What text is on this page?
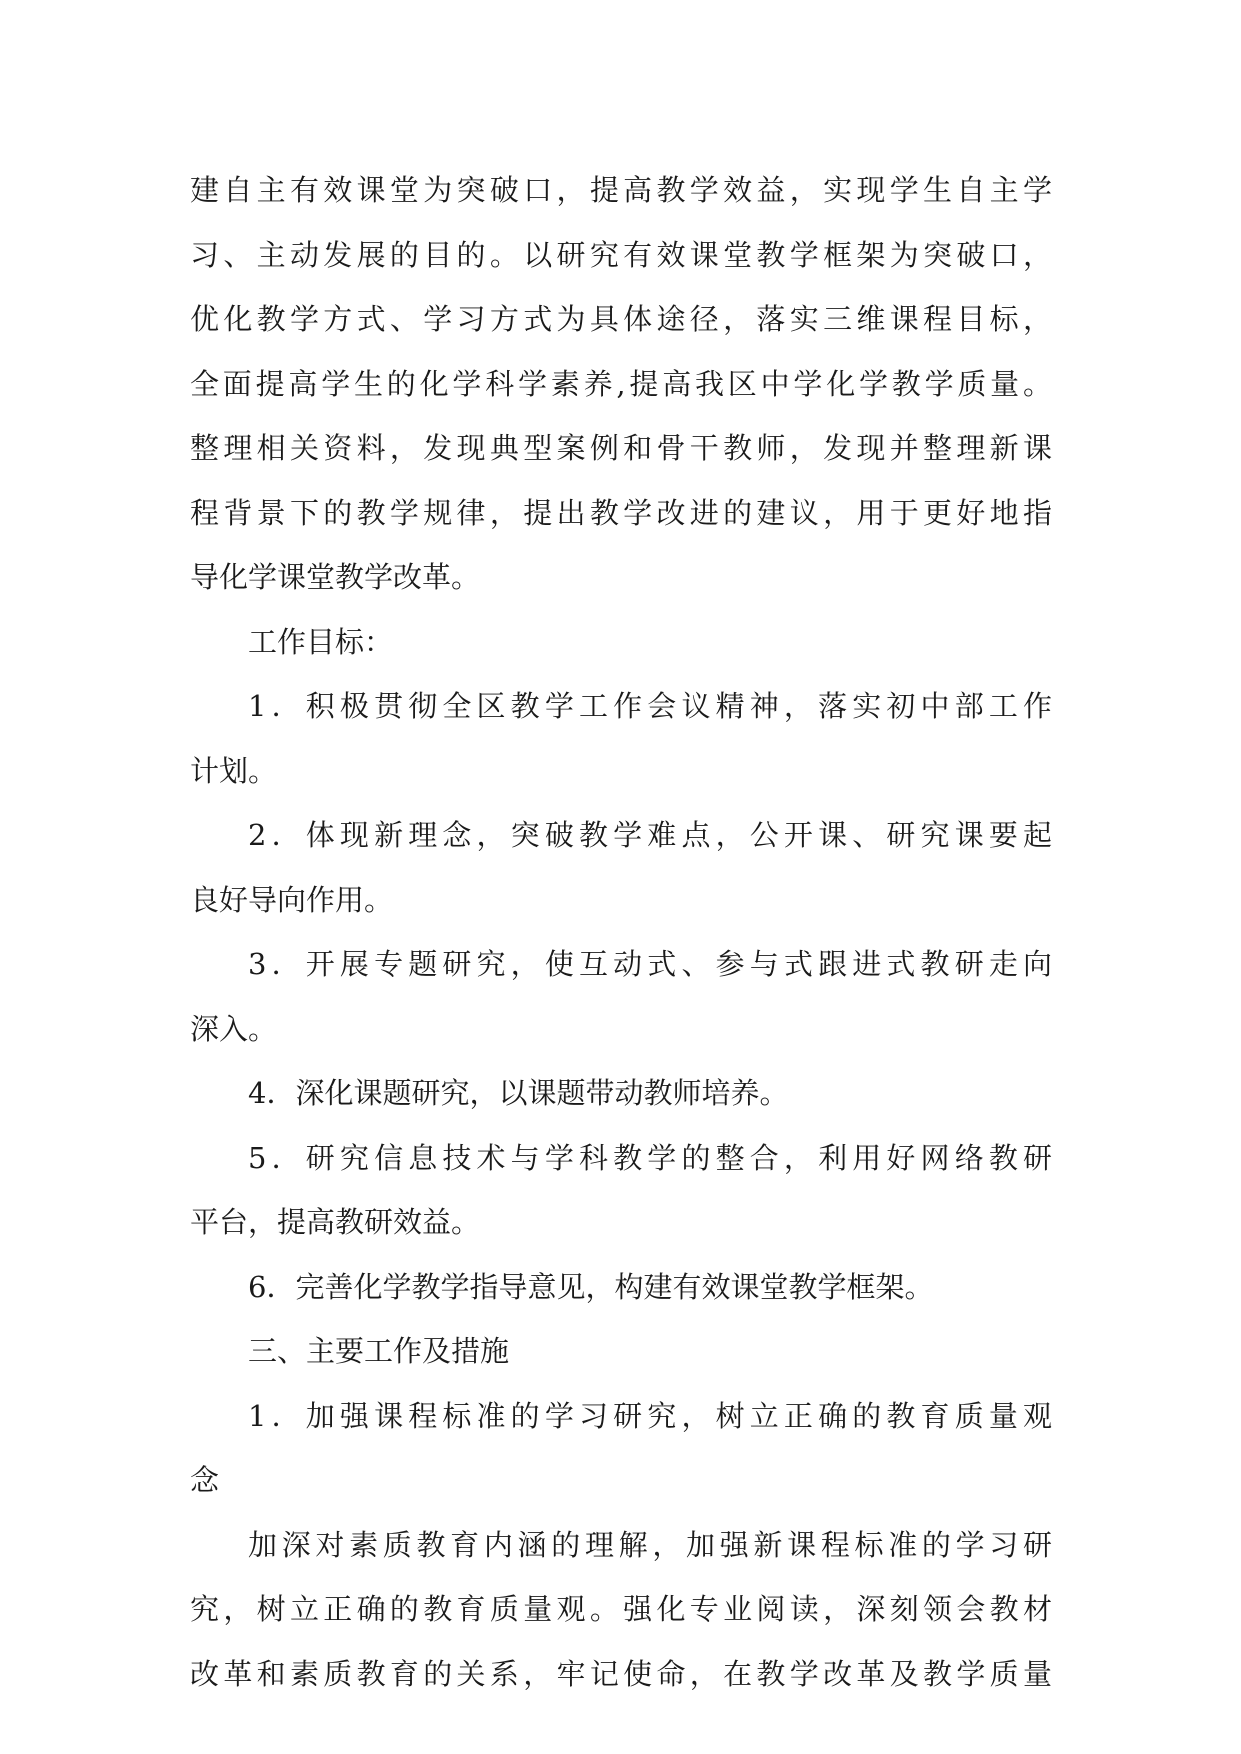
建自主有效课堂为突破口，提高教学效益，实现学生自主学
习、主动发展的目的。以研究有效课堂教学框架为突破口，
优化教学方式、学习方式为具体途径，落实三维课程目标，
全面提高学生的化学科学素养,提高我区中学化学教学质量。
整理相关资料，发现典型案例和骨干教师，发现并整理新课
程背景下的教学规律，提出教学改进的建议，用于更好地指
导化学课堂教学改革。
工作目标：
1．积极贯彻全区教学工作会议精神，落实初中部工作
计划。
2．体现新理念，突破教学难点，公开课、研究课要起
良好导向作用。
3．开展专题研究，使互动式、参与式跟进式教研走向
深入。
4．深化课题研究，以课题带动教师培养。
5．研究信息技术与学科教学的整合，利用好网络教研
平台，提高教研效益。
6．完善化学教学指导意见，构建有效课堂教学框架。
三、主要工作及措施
1．加强课程标准的学习研究，树立正确的教育质量观
念
加深对素质教育内涵的理解，加强新课程标准的学习研
究，树立正确的教育质量观。强化专业阅读，深刻领会教材
改革和素质教育的关系，牢记使命，在教学改革及教学质量
